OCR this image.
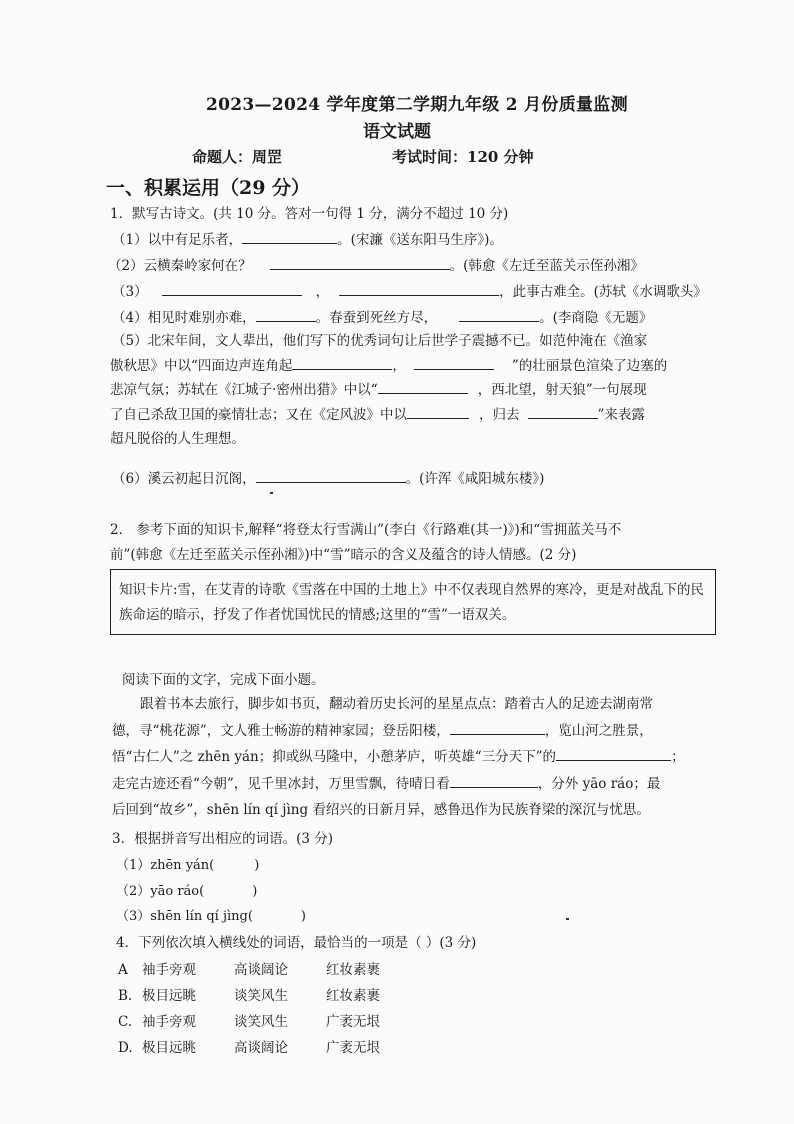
2023—2024 学年度第二学期九年级 2 月份质量监测
语文试题
命题人：周罡	考试时间：120 分钟
一、积累运用（29 分）
1．默写古诗文。(共 10 分。答对一句得 1 分，满分不超过 10 分)
（1）以中有足乐者，	。(宋濂《送东阳马生序》)。
（2）云横秦岭家何在？	。(韩愈《左迁至蓝关示侄孙湘》
（3）	，	，此事古难全。(苏轼《水调歌头》
（4）相见时难别亦难，	。春蚕到死丝方尽，	。(李商隐《无题》
（5）北宋年间，文人辈出，他们写下的优秀词句让后世学子震撼不已。如范仲淹在《渔家
傲秋思》中以“四面边声连角起	，	”的壮丽景色渲染了边塞的
悲凉气氛；苏轼在《江城子·密州出猎》中以“	，西北望，射天狼”一句展现
了自己杀敌卫国的豪情壮志；又在《定风波》中以	，归去	”来表露
超凡脱俗的人生理想。
（6）溪云初起日沉阁，	。(许浑《咸阳城东楼》)
2． 参考下面的知识卡,解释“将登太行雪满山”(李白《行路难(其一)》)和“雪拥蓝关马不
前”(韩愈《左迁至蓝关示侄孙湘》)中“雪”暗示的含义及蕴含的诗人情感。(2 分)
知识卡片:雪，在艾青的诗歌《雪落在中国的土地上》中不仅表现自然界的寒冷，更是对战乱下的民族命运的暗示，抒发了作者忧国忧民的情感;这里的“雪”一语双关。
阅读下面的文字，完成下面小题。
跟着书本去旅行，脚步如书页，翻动着历史长河的星星点点：踏着古人的足迹去湖南常
德，寻“桃花源”，文人雅士畅游的精神家园；登岳阳楼，	，览山河之胜景，
悟“古仁人”之 zhēn yán；抑或纵马隆中，小憩茅庐，听英雄“三分天下”的	；
走完古迹还看“今朝”，见千里冰封，万里雪飘，待晴日看	，分外 yāo ráo；最
后回到“故乡”，shēn lín qí jìng 看绍兴的日新月异，感鲁迅作为民族脊梁的深沉与忧思。
3．根据拼音写出相应的词语。(3 分)
（1）zhēn yán(	)
（2）yāo ráo(	)
（3）shēn lín qí jìng(	)
4．下列依次填入横线处的词语，最恰当的一项是（ ）(3 分)
A 袖手旁观	高谈阔论	红妆素裹
B. 极目远眺	谈笑风生	红妆素裹
C. 袖手旁观	谈笑风生	广袤无垠
D. 极目远眺	高谈阔论	广袤无垠
